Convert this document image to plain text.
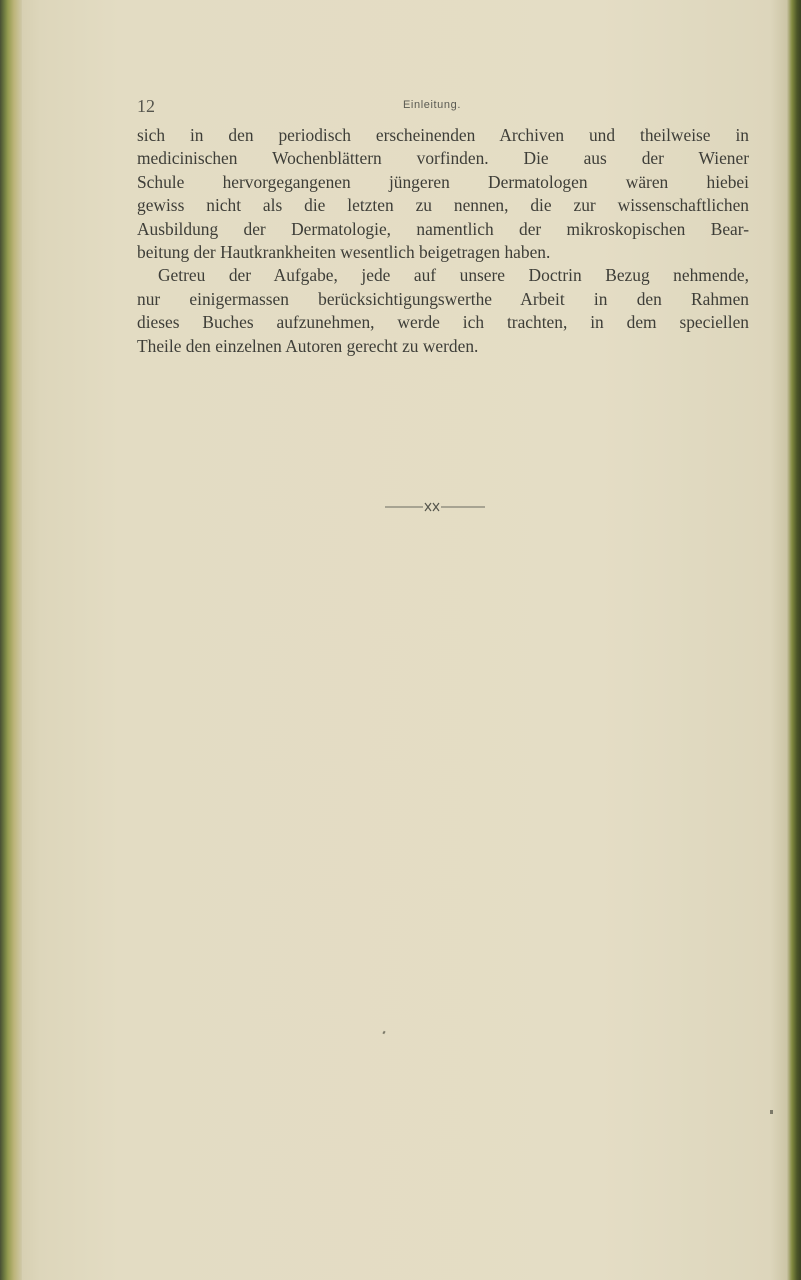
12	Einleitung.
sich in den periodisch erscheinenden Archiven und theilweise in
medicinischen Wochenblättern vorfinden. Die aus der Wiener
Schule hervorgegangenen jüngeren Dermatologen wären hiebei
gewiss nicht als die letzten zu nennen, die zur wissenschaftlichen
Ausbildung der Dermatologie, namentlich der mikroskopischen Bear-
beitung der Hautkrankheiten wesentlich beigetragen haben.
Getreu der Aufgabe, jede auf unsere Doctrin Bezug nehmende,
nur einigermassen berücksichtigungswerthe Arbeit in den Rahmen
dieses Buches aufzunehmen, werde ich trachten, in dem speciellen
Theile den einzelnen Autoren gerecht zu werden.
